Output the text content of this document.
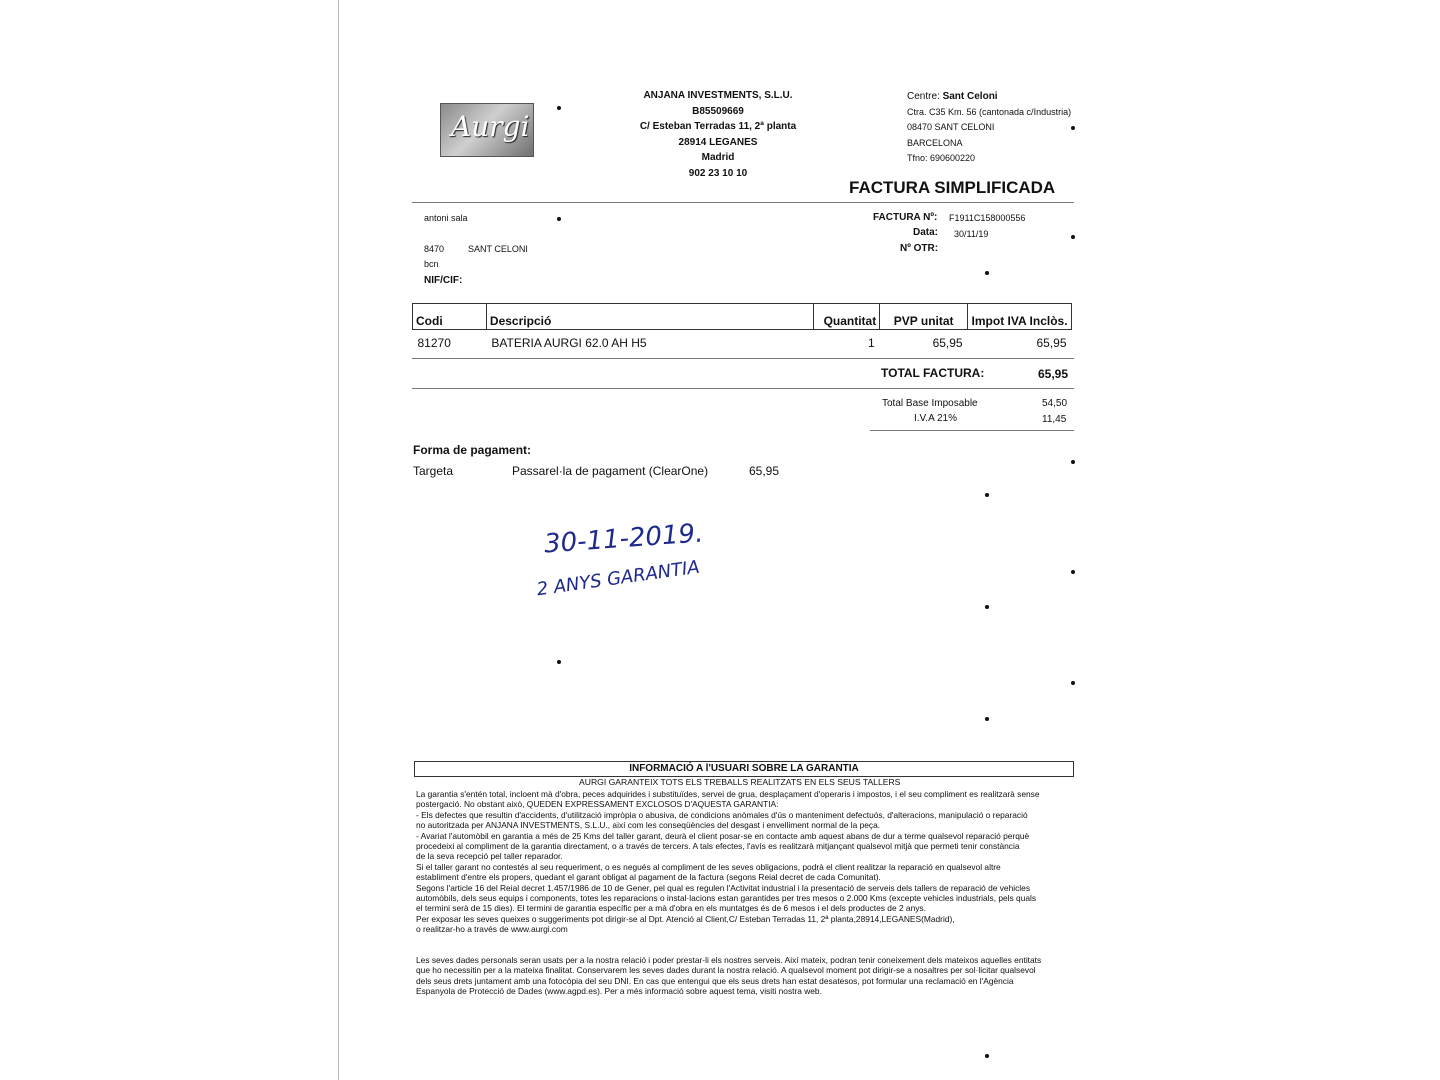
Aurgi
ANJANA INVESTMENTS, S.L.U.
B85509669
C/ Esteban Terradas 11, 2ª planta
28914 LEGANES
Madrid
902 23 10 10
Centre: Sant Celoni
Ctra. C35 Km. 56 (cantonada c/Industria)
08470 SANT CELONI
BARCELONA
Tfno: 690600220
FACTURA SIMPLIFICADA
antoni sala
8470	SANT CELONI
bcn
NIF/CIF:
FACTURA Nº: F1911C158000556
Data: 30/11/19
Nº OTR:
Codi	Descripció	Quantitat	PVP unitat	Impot IVA Inclòs.
81270	BATERIA AURGI 62.0 AH H5	1	65,95	65,95
TOTAL FACTURA:	65,95
Total Base Imposable	54,50
I.V.A 21%	11,45
Forma de pagament:
Targeta	Passarel·la de pagament (ClearOne)	65,95
30-11-2019.
2 ANYS GARANTIA
INFORMACIÓ A l'USUARI SOBRE LA GARANTIA
AURGI GARANTEIX TOTS ELS TREBALLS REALITZATS EN ELS SEUS TALLERS

La garantia s'entén total, incloent mà d'obra, peces adquirides i substituïdes, servei de grua, desplaçament d'operaris i impostos, i el seu compliment es realitzarà sense

postergació. No obstant això, QUEDEN EXPRESSAMENT EXCLOSOS D'AQUESTA GARANTIA:

- Els defectes que resultin d'accidents, d'utilització impròpia o abusiva, de condicions anòmales d'ús o manteniment defectuós, d'alteracions, manipulació o reparació

no autoritzada per ANJANA INVESTMENTS, S.L.U., així com les conseqüències del desgast i envelliment normal de la peça.

- Avariat l'automòbil en garantia a més de 25 Kms del taller garant, deurà el client posar-se en contacte amb aquest abans de dur a terme qualsevol reparació perquè

procedeixi al compliment de la garantia directament, o a través de tercers. A tals efectes, l'avís es realitzarà mitjançant qualsevol mitjà que permeti tenir constància

de la seva recepció pel taller reparador.

Si el taller garant no contestés al seu requeriment, o es negués al compliment de les seves obligacions, podrà el client realitzar la reparació en qualsevol altre

establiment d'entre els propers, quedant el garant obligat al pagament de la factura (segons Reial decret de cada Comunitat).

Segons l'article 16 del Reial decret 1.457/1986 de 10 de Gener, pel qual es regulen l'Activitat industrial i la presentació de serveis dels tallers de reparació de vehicles

automòbils, dels seus equips i components, totes les reparacions o instal·lacions estan garantides per tres mesos o 2.000 Kms (excepte vehicles industrials, pels quals

el termini serà de 15 dies). El termini de garantia específic per a mà d'obra en els muntatges és de 6 mesos i el dels productes de 2 anys.

Per exposar les seves queixes o suggeriments pot dirigir-se al Dpt. Atenció al Client,C/ Esteban Terradas 11, 2ª planta,28914,LEGANES(Madrid),

o realitzar-ho a través de www.aurgi.com

Les seves dades personals seran usats per a la nostra relació i poder prestar-li els nostres serveis. Així mateix, podran tenir coneixement dels mateixos aquelles entitats

que ho necessitin per a la mateixa finalitat. Conservarem les seves dades durant la nostra relació. A qualsevol moment pot dirigir-se a nosaltres per sol·licitar qualsevol

dels seus drets juntament amb una fotocòpia del seu DNI. En cas que entengui que els seus drets han estat desatesos, pot formular una reclamació en l'Agència

Espanyola de Protecció de Dades (www.agpd.es). Per a més informació sobre aquest tema, visiti nostra web.
